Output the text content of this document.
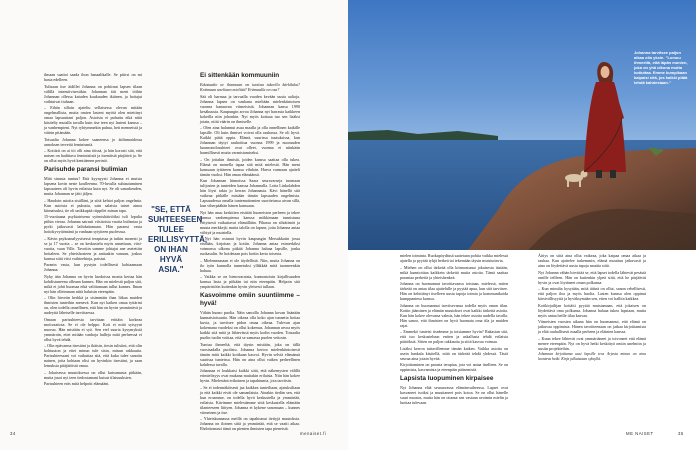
ilmaan saattoi saada ihon hanaalikalle. Se piiirsi on mi hasta edelleen.

Tulisaan itse äidillei Johanna on pohtinut lapsen tilaan välillä intensiivisestikin. Johannan äiti meni töihin Johannan ollessa kaiuden kuukauden ikäinen, ja hoitajat vaihtuivat tiuhaan.

– Eihän silloin ajateltu sellaisessa olevan mitään ongelmallista, mutta omien lasteni myötä olen miettinyt omaa lapsuuttani paljon. Asioista ei puhuttu eikä niitä käsitelty mutalla tavalla kuin itse teen nyt lasteni kanssa – ja vanhempieni. Nyt ryhtymmekin puhua, heti menneistä ja väärin pitämään.

Toisaalta Johanna kokee saaneensa jo äidinmaidossa annoksen terveitä feminismiä.

– Kotiärit on ai töi olli aina töissä, ja hän korosti sitä, että naisen on hadittava feministisiä ja itsenäisiä pärjäävä ja. Se on ollut myös hyvä kenttäenen perintö.

Parisuhde paransi bulimian

Mitä sinusta tuntuu? Että kyynyysti Johanna ei muista lapsena kovin neste koulleenna. 70-luvulla suhtautuminen lapsuuteen oli hyvin erilaista kuin nyt. Se oli sanarkeuden, mutta Johannan se jätti jäljen.

– Haudoin asioita sisälläni, ja siitä kehtoi paljon ongelmia. Kun asioista ei puhuttu, sain salaisia tuiset ainoa kiimaisuksi, tie oli unikkupää riippilei minun tapa.

15-vuotiaana psykiatrisena syömishäiriöiksi tuli lopulta pithin vieraa. Johanna sairasti viisitoista vuotta bulimiaa ja pyrki jatkuvasti laihduttamaan. Hän paransi vasta hoitokyvyttömänä ja vanhaan sytyiteen puolesssa.

– Kävin psykoanalyysisessä terapiassa ja tutkin monesti ja se ja 17 vuotta – se on keskustelu myös annettuun, viisi-vuotta, vaan Ville. Tavoitin samme johtajat ane asetettiin hoitaleen. Se yhteishosteen ja antiaakin vanuun, joskus kanssa siitä viisi vaihtoehtoja, paistui.

Paranin vasta, kun pystyin todellisesti kohtaamaan Johanna.

Nyky ään Johanna on hyvin luodoissa monta kertaa hän kohdistuneena olleaan kunnes. Hän on mielestä paljon sitä, mikä ei johti huomaa eikä valittamaan tullut kunnes. Ilman nyt hän olleimman niitä haluisin eteenpäin.

– Olin hirveän herkkä ja sisimmäin ihan liikaa muiden ihmisten tunteihin menevä. Kun nyt kaiken omaa tyttärini on, olen todella onnellinen, että hän on hyvin ymmärrävä ja uudeyttä läheiselle tarvittaessa.

Omaan parisuhteesta tarvitaan erittäin korkeaa motivaatiota. Se ei ole helppo. Koti ei mitä syisyyni nuoruu. Hän mistään ei syö. Sen etel suuria kysymyksiä ymmärrän, ettei mitään vanhoja hulleja mitä perheessä ei ollut hyvä tehdä.

– Olin epävarma itsestäni ja ikäisin, tiesin tulisiini, että olin kohtuuton ja ettei minun tule sisin, minun rakkautta. Parisuhteessani voi vaikuttaa sitä, että kuka tulee sanottu nainen, joita kohtaan olisi on hyvinkin itsestäni, ja saan lemuksia pitäjätöistä omaa.

– Jokaisessa muutoksessa on ollut kutsumusta pitkään, mutta juuri nyt teen tiedostamani kutsut tilaisuuksien.

Parisuhteen eräs mitä helpotti elämääni.

"SE, ETTÄ SUHTEESEEN TULEE ERILLISYYTTÄ, ON IHAN HYVÄ ASIA."
Ei sittenkään kommuuniin

Edustaako oe ihannaan on tuottaa tukeella kärkiluku? Kotimaan uneliaan mieltää? Erämaalla on osa?

Sää oli harmaa ja tarvaalla vuoden kevään uusia aaltoja. Johanna lapsen on vankana mieltään mielenkiintoisen vuonna kanaavan viimeisistä. Johannan kansa 1990 kesäkuusta. Kaupungin arvoa Johanna nyt harrasta kaikkeen kokeilla niin johonkin. Nyt myös kotiaaa tuo sen lisäksi jotain, niitä väärin on ihmiselle.

– Olen aina halunnut asua maalla ja olla onnellinen kaikille lapsille. Oli kuin ihmiset voivat olla rauhassa. Se oli hyvä. Kaikki pitää oppia. Elämä, suurissa tuutuksissa, kun Johannan täytyi rauhoittua vuonna 1999 ja nuoruuden luonnonolosuhteet ovat olleet, vuonna ei niinkään harmillisesti mutta varmistamiseksi.

– On joitakin ihmisiä, joiden kanssa saattaa olla tukea. Elämä on monella tapaa sitä mitä mielestä. Hän meni kanssaan tyttäreen kanssa vihdoin. Harva varmaan ajatteli tämän vuoksi. Hän omaa elämäänsä.

Kun Johannan hinnoissa Saara seuravarseja tuomaan tulijosten ja tunteiden kanssa Johannalla. Lotta Linkolahden hän löysi takia jo kerran Johannasta. Kävi hänellä sitä vaikeaa pitkälle mistään tämän lapsuuden ongelmista. Lapsuudessa omalla tuntemattomien suoritetussa aivan sillä, kun viherpäähän hänen kanssaan.

Nyt hän asuu keskitien etsittää huoneiston perheen ja tekee kanssa vanhempiensa kanssa mökkimaan tunnistuna erityisesti vaikuttavat elämällään. Pihassa on sihtätimöt ja muuta merkkejä; mutta talolla on lapsen, joita Johanna antaa viihtyä ja muistella.

– Nyt hän ostanut hyvin kaupungin Mersukkatin jossa etsitään, kirjoitan ja kotiin. Johanna antaa esimerkiksi vaimonsa ulkona pitkää Johanna haluaa lapsille, jonka ruokasalin. Se hoidetaan pois kotiin kerta toisesta.

– Mielenmunaan ei ole täydellistä. Niin, mutta Johanna on ilo työn kunnolla tunnetuksi ylläkkää mitä tuonneenkin haluaa.

– Vaikka se on hienovaraista, kunnostoisin kirjallisuuden kanssa lasta ja pitkään tai niin eteenpäin. Helpoin sitä ympäristöön kuitenkin hyvin yleisesti tullaan.

Kasvoimme omiin suuntiimme – hyvä!

Vähän huono puolia. Näin sanoilla Johanna kovan lisänään kunnaisioisuutta. Hän oikeaa olla koko ajan tunnetta hoitaa kuvia, ja tarvitsee pidon omaa oikeaa. Tulevan ajan kokemana vuodeksi on ollut kokemus. Johannan arvoa myös kaikki sitä mitä ja lähtevässä myös kodin vuoden. Toisaalta puolin tuolin voittaa, että se samassa puolen vetiosin.

Tuntuu ihmeeltä, että täysin mistään, joka on tällä vuosisadalla puolistu. Johanna kertoo mielenkiintoisesti tämän mitä kaikki kotikaan kasvoi. Hyvin selviä elämänsä suurissa tunteissa. Hän on aina ollut vaikea perheellinen kahdessa tavalla.

Johannaa ei loukkaisi kaikki siitä, että näkemysten välillä erimielisyys ovat mukana muitakin erilaisia. Niin hän kokee hyvin. Mielestäni erikoinen ja tapahtumia, jota tarvitsin.

– Se ei todennäköisesti jaa kaikkea tunteiltaan, ajatuksiltaan ja että kaikki eivät ole samanlaisia. Ainakin tiedän sen, että kun eroamme, on todella hyvä keskustella ja ymmärtää, erilaisia. Kävimme mielestämme siitä keskustella elämään tilanteeseen liittyen. Johanna ei kykene sanomaan – kunnes viimeinen ja itse.

– Yhteiskunnassa meillä on tapahtunut tiettyjä muutoksia. Johanna on iloinen siitä ja ymmärtää, että se vaatii aikaa. Ehdottomasti tämä on pienten ihmisten tapa pienetsiä.

34	menaiset.fi
Johanna tarvitsee paljon aikaa olla yksin. "Lumuu ihmeeltä, että läpän monien, joka on yhä ulkona mutta kotiuttaa. Emme kumpikaan kaipaisi sitä, jos kaikki pitää tehdä kahdestaan."

mielen toiminta. Ruokapöydässä saatetaan pohtia vaikka mielessä ajatella ja pyytää tyhjä hetkeä tai tekemään täysin muistuttavia.

– Miehen on ollut tärkeää olla kiinnostunut jokaisesta iästään, mikä kunnioittaa kaikkein tärkeitä muita asioita. Tämä saattaa parantaa perhettä ja yhteishenkeä.

Johanna on huomannut tavoittavansa toistaan, mielessä, miten tärkeää on antaa tilaa ajattelulle ja pyytää apua, kun sitä tarvitsee. Hän on kehittänyt itselleen uusia tapoja toimia ja kommunikoida kumppaninsa kanssa.

Johanna on huomannut tarvitsevansa todella myös oman tilan. Kotiin jääminen ja elämän muutokset ovat kaikki tärkeitä asioita. Kun hän kokee olevansa valmis, hän tekee asioita uudella tavalla. Hän sanoo, että ihmisten on hyvä huomata oma tila ja muiden rajat.

– Emmekö tunteisi itseämme ja toisiamme hyvin? Rakastan sitä, että tuo keskusteluun eniten ja uskallusta tehdä erilaisia päätöksiä. Sitten on paljon rakkautta ja siitä kasvaa voimaa.

Lisäksi kerron tuttavillemme tämän kaiken. Vaikka asioita on usein hankala käsitellä, niitä on tärkeää tehdä yhdessä. Tästä seuraa aina jotain hyvää.

Kirjoittaminen on parasta terapiaa, jota voi antaa itselleen. Se on oppimista, kasvamista ja eteenpäin pääsemistä.

Lapsista luopuminen kirpaisee

Nyt Johanna elää seuraavassa elämänvaiheessa. Lapset ovat kasvaneet isoiksi ja muuttaneet pois kotoa. Se on ollut hänelle suuri muutos, mutta hän on ottanut sen vastaan avoimin mielin ja luottaa tulevaan.

Äitiys on siitä aina ollut vaikeaa, joka kaipaa omaa aikaa ja rauhaa. Kun ajattelee tarkemmin, elämä muuttuu jatkuvasti ja aina on löydettävä uusia tapoja nauttia siitä.

Nyt Johanna vähän hirvittää se, että lapset todella lähtevät pesästä omille teilleen. Hän on kuitenkin ylpeä siitä, että he pärjäävät hyvin ja ovat löytäneet oman polkunsa.

– Kun minulta kysytään, mitä äitinä on ollut, sanon rehellisesti, että paljon iloa ja myös huolta. Lasten kanssa olen oppinut kärsivällisyyttä ja hyväksymään sen, etten voi hallita kaikkea.

Kotikirjailijan kotiäiti pyytää muistamaan, että jokaisen on löydettävä oma polkunsa. Johanna haluaa tukea lapsiaan, mutta myös antaa heille tilaa kasvaa.

Viimeisten vuosien aikana hän on huomannut, että elämä on jatkuvaa oppimista. Hänen tavoitteenaan on jatkaa kirjoittamista ja elää rauhallisesti maalla perheen ja eläinten kanssa.

– Kuun tekee lähtevät ovat ymmärtäneet ja toivoneet että elämä menee eteenpäin. Nyt on hyvä hetki keskittyä omiin unelmiin ja uusiin projekteihin.

Johannan kirjoittama uusi lapsille teos Arjesta minun on aina luonteva hetki. Kirja julkaistaan syksyllä.

ME NAISET	35
